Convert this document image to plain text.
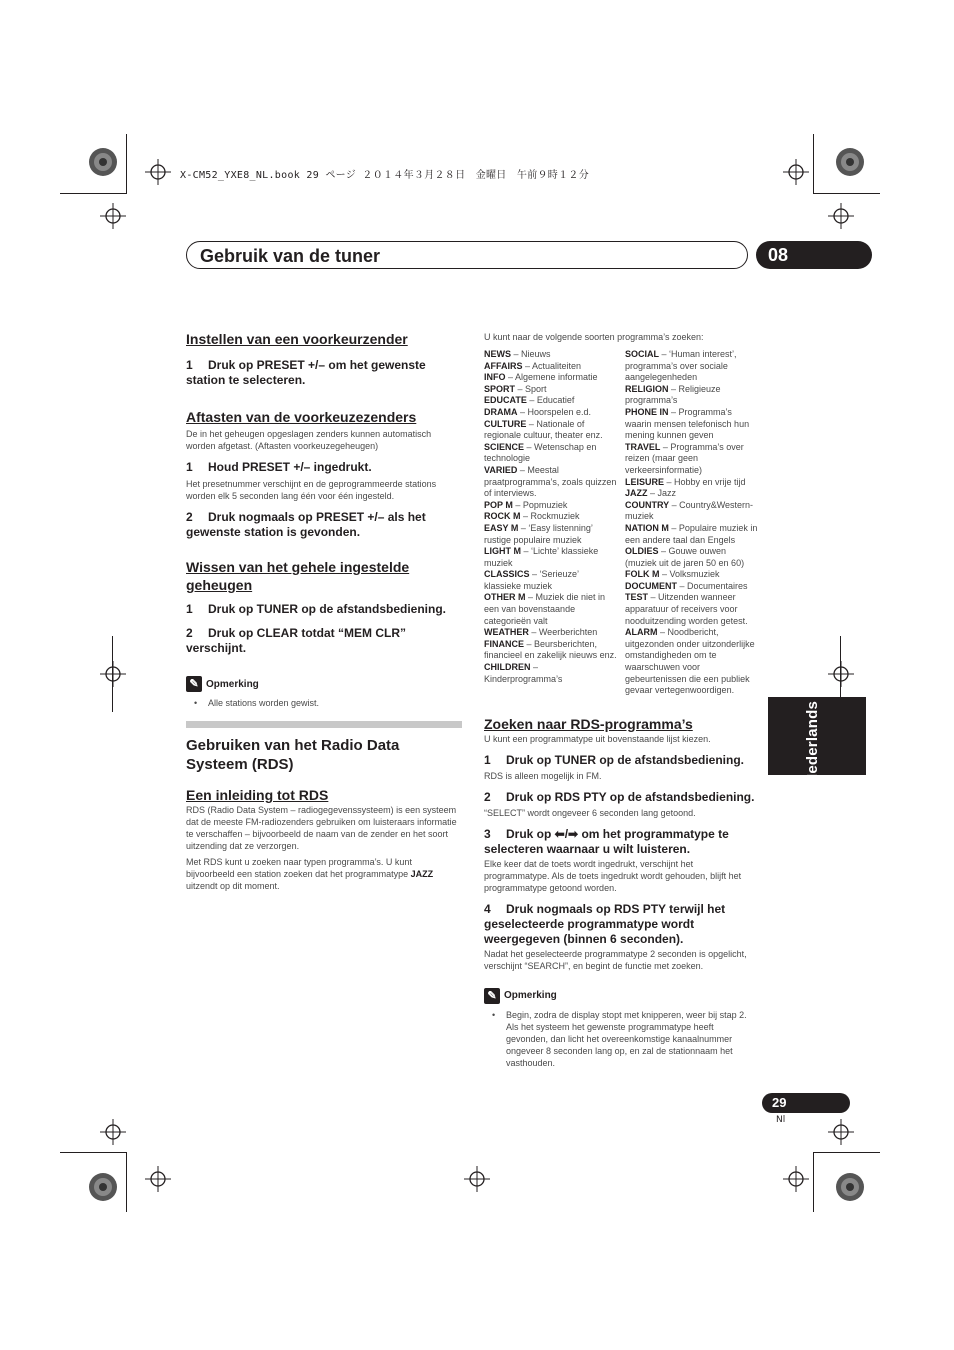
X-CM52_YXE8_NL.book 29 ページ ２０１４年３月２８日　金曜日　午前９時１２分
Gebruik van de tuner	08
Nederlands
29
Nl
Instellen van een voorkeurzender
1 Druk op PRESET +/– om het gewenste station te selecteren.
Aftasten van de voorkeuzezenders
De in het geheugen opgeslagen zenders kunnen automatisch worden afgetast. (Aftasten voorkeuzegeheugen)
1 Houd PRESET +/– ingedrukt.
Het presetnummer verschijnt en de geprogrammeerde stations worden elk 5 seconden lang één voor één ingesteld.
2 Druk nogmaals op PRESET +/– als het gewenste station is gevonden.
Wissen van het gehele ingestelde geheugen
1 Druk op TUNER op de afstandsbediening.
2 Druk op CLEAR totdat “MEM CLR” verschijnt.
✎ Opmerking
•	Alle stations worden gewist.
Gebruiken van het Radio Data Systeem (RDS)
Een inleiding tot RDS
RDS (Radio Data System – radiogegevenssysteem) is een systeem dat de meeste FM-radiozenders gebruiken om luisteraars informatie te verschaffen – bijvoorbeeld de naam van de zender en het soort uitzending dat ze verzorgen.
Met RDS kunt u zoeken naar typen programma’s. U kunt bijvoorbeeld een station zoeken dat het programmatype JAZZ uitzendt op dit moment.
U kunt naar de volgende soorten programma’s zoeken:
NEWS – Nieuws
AFFAIRS – Actualiteiten
INFO – Algemene informatie
SPORT – Sport
EDUCATE – Educatief
DRAMA – Hoorspelen e.d.
CULTURE – Nationale of regionale cultuur, theater enz.
SCIENCE – Wetenschap en technologie
VARIED – Meestal praatprogramma’s, zoals quizzen of interviews.
POP M – Popmuziek
ROCK M – Rockmuziek
EASY M – ‘Easy listenning’ rustige populaire muziek
LIGHT M – ‘Lichte’ klassieke muziek
CLASSICS – ‘Serieuze’ klassieke muziek
OTHER M – Muziek die niet in een van bovenstaande categorieën valt
WEATHER – Weerberichten
FINANCE – Beursberichten, financieel en zakelijk nieuws enz.
CHILDREN – Kinderprogramma’s
SOCIAL – ‘Human interest’, programma’s over sociale aangelegenheden
RELIGION – Religieuze programma’s
PHONE IN – Programma’s waarin mensen telefonisch hun mening kunnen geven
TRAVEL – Programma’s over reizen (maar geen verkeersinformatie)
LEISURE – Hobby en vrije tijd
JAZZ – Jazz
COUNTRY – Country&Western-muziek
NATION M – Populaire muziek in een andere taal dan Engels
OLDIES – Gouwe ouwen (muziek uit de jaren 50 en 60)
FOLK M – Volksmuziek
DOCUMENT – Documentaires
TEST – Uitzenden wanneer apparatuur of receivers voor nooduitzending worden getest.
ALARM – Noodbericht, uitgezonden onder uitzonderlijke omstandigheden om te waarschuwen voor gebeurtenissen die een publiek gevaar vertegenwoordigen.
Zoeken naar RDS-programma’s
U kunt een programmatype uit bovenstaande lijst kiezen.
1 Druk op TUNER op de afstandsbediening.
RDS is alleen mogelijk in FM.
2 Druk op RDS PTY op de afstandsbediening.
“SELECT” wordt ongeveer 6 seconden lang getoond.
3 Druk op ⬅/➡ om het programmatype te selecteren waarnaar u wilt luisteren.
Elke keer dat de toets wordt ingedrukt, verschijnt het programmatype. Als de toets ingedrukt wordt gehouden, blijft het programmatype getoond worden.
4 Druk nogmaals op RDS PTY terwijl het geselecteerde programmatype wordt weergegeven (binnen 6 seconden).
Nadat het geselecteerde programmatype 2 seconden is opgelicht, verschijnt “SEARCH”, en begint de functie met zoeken.
✎ Opmerking
•	Begin, zodra de display stopt met knipperen, weer bij stap 2. Als het systeem het gewenste programmatype heeft gevonden, dan licht het overeenkomstige kanaalnummer ongeveer 8 seconden lang op, en zal de stationnaam het vasthouden.
